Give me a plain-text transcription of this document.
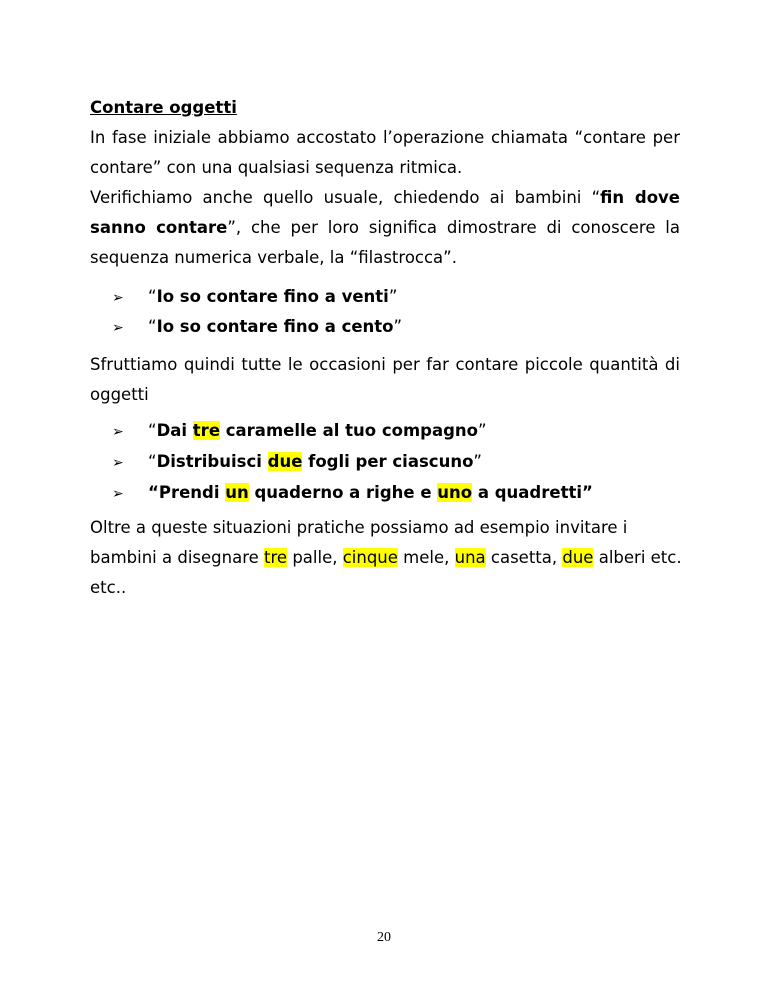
Contare oggetti
In fase iniziale abbiamo accostato l’operazione chiamata “contare per contare” con una qualsiasi sequenza ritmica.
Verifichiamo anche quello usuale, chiedendo ai bambini “fin dove sanno contare”, che per loro significa dimostrare di conoscere la sequenza numerica verbale, la “filastrocca”.
➢ “Io so contare fino a venti”
➢ “Io so contare fino a cento”
Sfruttiamo quindi tutte le occasioni per far contare piccole quantità di oggetti
➢ “Dai tre caramelle al tuo compagno”
➢ “Distribuisci due fogli per ciascuno”
➢ “Prendi un quaderno a righe e uno a quadretti”
Oltre a queste situazioni pratiche possiamo ad esempio invitare i bambini a disegnare tre palle, cinque mele, una casetta, due alberi etc. etc..
20
